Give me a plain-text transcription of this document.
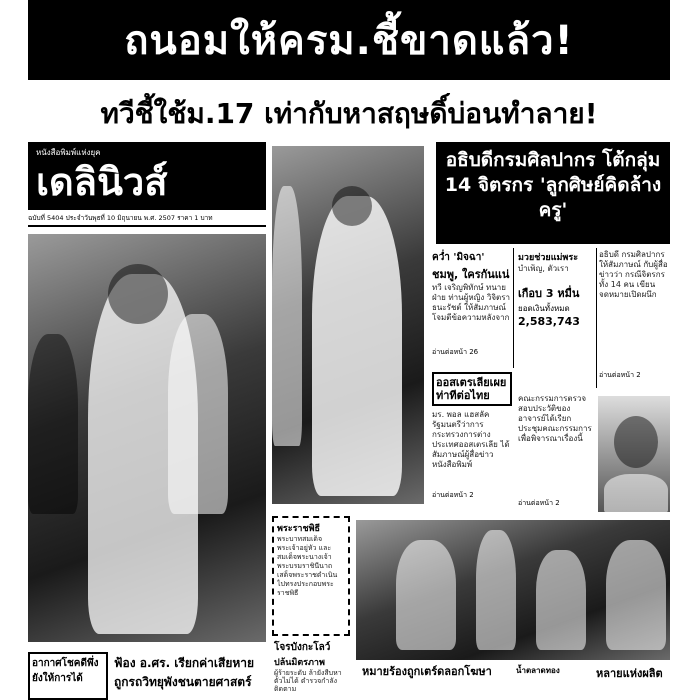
ถนอมให้ครม.ชี้ขาดแล้ว!
ทวีชี้ใช้ม.17 เท่ากับหาสฤษดิ์บ่อนทำลาย!
หนังสือพิมพ์แห่งยุค
เดลินิวส์
ฉบับที่ 5404 ประจำวันพุธที่ 10 มิถุนายน พ.ศ. 2507 ราคา 1 บาท
อธิบดีกรมศิลปากร โต้กลุ่ม 14 จิตรกร 'ลูกศิษย์คิดล้างครู'
คว่ำ 'มิจฉา'
ชมพู, ใครกันแน่
ทวี เจริญพิทักษ์ ทนาย ฝ่าย ท่านผู้หญิง วิจิตรา ธนะรัชต์ ให้สัมภาษณ์ โจมตีข้อความหลังจาก
อ่านต่อหน้า 26
มวยช่วยแม่พระ
บำเพ็ญ, ตัวเรา
เกือบ 3 หมื่น
ยอดเงินทั้งหมด
2,583,743
อธิบดี กรมศิลปากร ให้สัมภาษณ์ กับผู้สื่อข่าวว่า กรณีจิตรกรทั้ง 14 คน เขียนจดหมายเปิดผนึก
อ่านต่อหน้า 2
ออสเตรเลียเผยท่าทีต่อไทย
มร. พอล แฮสลัค รัฐมนตรีว่าการกระทรวงการต่างประเทศออสเตรเลีย ได้สัมภาษณ์ผู้สื่อข่าวหนังสือพิมพ์
อ่านต่อหน้า 2
คณะกรรมการตรวจสอบประวัติของอาจารย์ได้เรียกประชุมคณะกรรมการ เพื่อพิจารณาเรื่องนี้
อ่านต่อหน้า 2
พระราชพิธี
พระบาทสมเด็จพระเจ้าอยู่หัว และสมเด็จพระนางเจ้าพระบรมราชินีนาถ เสด็จพระราชดำเนินไปทรงประกอบพระราชพิธี
โจรบังกะโลว์
ปล้นมิตรภาพ
ผู้ร้ายระดับ ล้ายังสืบหาตัวไม่ได้ ตำรวจกำลังติดตาม
อากาศโชคดีพึ่ง
ยังให้การได้
ฟ้อง อ.ศร. เรียกค่าเสียหาย
ถูกรถวิทยุพังชนตายศาสตร์
หมายร้องถูกเตร์ดลอกโฆษา	น้ำตลาดทอง	หลายแห่งผลิต
